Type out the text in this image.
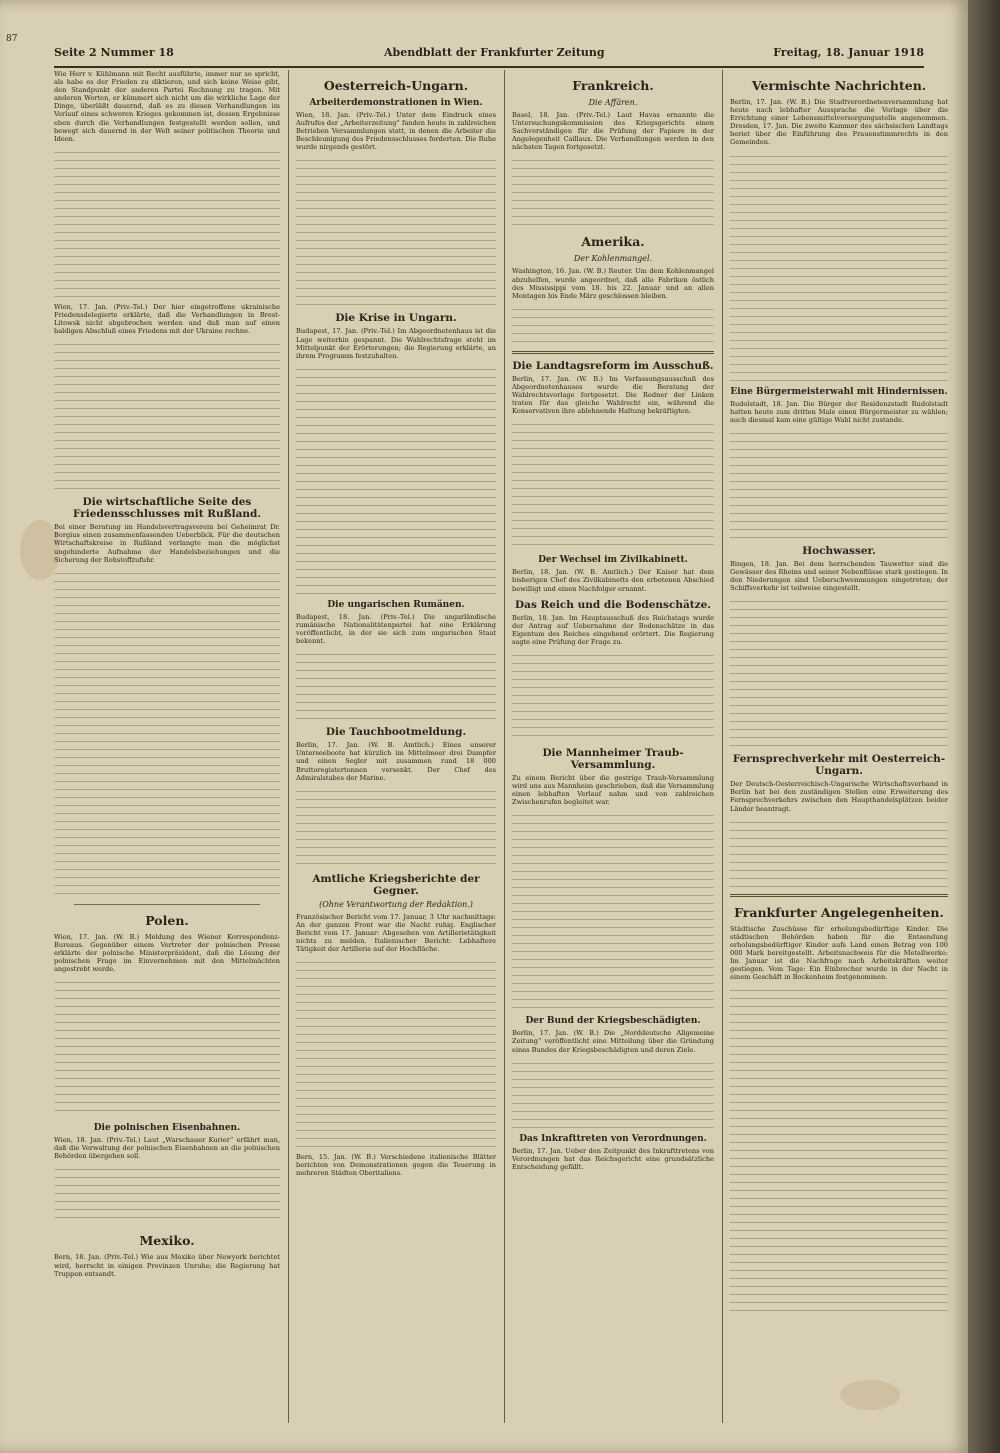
87
Seite 2 Nummer 18	Abendblatt der Frankfurter Zeitung	Freitag, 18. Januar 1918

Wie Herr v. Kühlmann mit Recht ausführte, immer nur so spricht, als habe es der Frieden zu diktieren, und sich keine Weise gibt, den Standpunkt der anderen Partei Rechnung zu tragen. Mit anderen Worten, er kümmert sich nicht um die wirkliche Lage der Dinge, überläßt dauernd, daß es zu diesen Verhandlungen im Verlauf eines schweren Krieges gekommen ist, dessen Ergebnisse eben durch die Verhandlungen festgestellt werden sollen, und bewegt sich dauernd in der Welt seiner politischen Theorie und Ideen.

Wien, 17. Jan. (Priv.-Tel.) Der hier eingetroffene ukrainische Friedensdelegierte erklärte, daß die Verhandlungen in Brest-Litowsk nicht abgebrochen werden und daß man auf einen baldigen Abschluß eines Friedens mit der Ukraine rechne.

Die wirtschaftliche Seite des Friedensschlusses mit Rußland.

Bei einer Beratung im Handelsvertragsverein bei Geheimrat Dr. Borgius einen zusammenfassenden Ueberblick. Für die deutschen Wirtschaftskreise in Rußland verlangte man die möglichst ungehinderte Aufnahme der Handelsbeziehungen und die Sicherung der Rohstoffzufuhr.

Polen.

Wien, 17. Jan. (W. B.) Meldung des Wiener Korrespondenz-Bureaus. Gegenüber einem Vertreter der polnischen Presse erklärte der polnische Ministerpräsident, daß die Lösung der polnischen Frage im Einvernehmen mit den Mittelmächten angestrebt werde.

Die polnischen Eisenbahnen.

Wien, 18. Jan. (Priv.-Tel.) Laut „Warschauer Kurier“ erfährt man, daß die Verwaltung der polnischen Eisenbahnen an die polnischen Behörden übergehen soll.

Mexiko.

Bern, 18. Jan. (Priv.-Tel.) Wie aus Mexiko über Newyork berichtet wird, herrscht in einigen Provinzen Unruhe; die Regierung hat Truppen entsandt.

Oesterreich-Ungarn.
Arbeiterdemonstrationen in Wien.

Wien, 18. Jan. (Priv.-Tel.) Unter dem Eindruck eines Aufrufes der „Arbeiterzeitung“ fanden heute in zahlreichen Betrieben Versammlungen statt, in denen die Arbeiter die Beschleunigung des Friedensschlusses forderten. Die Ruhe wurde nirgends gestört.

Die Krise in Ungarn.

Budapest, 17. Jan. (Priv.-Tel.) Im Abgeordnetenhaus ist die Lage weiterhin gespannt. Die Wahlrechtsfrage steht im Mittelpunkt der Erörterungen; die Regierung erklärte, an ihrem Programm festzuhalten.

Die ungarischen Rumänen.

Budapest, 18. Jan. (Priv.-Tel.) Die ungarländische rumänische Nationalitätenpartei hat eine Erklärung veröffentlicht, in der sie sich zum ungarischen Staat bekennt.

Die Tauchbootmeldung.

Berlin, 17. Jan. (W. B. Amtlich.) Eines unserer Unterseeboote hat kürzlich im Mittelmeer drei Dampfer und einen Segler mit zusammen rund 18 000 Bruttoregistertonnen versenkt. Der Chef des Admiralstabes der Marine.

Amtliche Kriegsberichte der Gegner.
(Ohne Verantwortung der Redaktion.)

Französischer Bericht vom 17. Januar, 3 Uhr nachmittags: An der ganzen Front war die Nacht ruhig. Englischer Bericht vom 17. Januar: Abgesehen von Artillerietätigkeit nichts zu melden. Italienischer Bericht: Lebhaftere Tätigkeit der Artillerie auf der Hochfläche.

Bern, 15. Jan. (W. B.) Verschiedene italienische Blätter berichten von Demonstrationen gegen die Teuerung in mehreren Städten Oberitaliens.

Frankreich.
Die Affären.

Basel, 18. Jan. (Priv.-Tel.) Laut Havas ernannte die Untersuchungskommission des Kriegsgerichts einen Sachverständigen für die Prüfung der Papiere in der Angelegenheit Caillaux. Die Verhandlungen werden in den nächsten Tagen fortgesetzt.

Amerika.
Der Kohlenmangel.

Washington, 16. Jan. (W. B.) Reuter. Um dem Kohlenmangel abzuhelfen, wurde angeordnet, daß alle Fabriken östlich des Mississippi vom 18. bis 22. Januar und an allen Montagen bis Ende März geschlossen bleiben.

Die Landtagsreform im Ausschuß.

Berlin, 17. Jan. (W. B.) Im Verfassungsausschuß des Abgeordnetenhauses wurde die Beratung der Wahlrechtsvorlage fortgesetzt. Die Redner der Linken traten für das gleiche Wahlrecht ein, während die Konservativen ihre ablehnende Haltung bekräftigten.

Der Wechsel im Zivilkabinett.

Berlin, 18. Jan. (W. B. Amtlich.) Der Kaiser hat dem bisherigen Chef des Zivilkabinetts den erbetenen Abschied bewilligt und einen Nachfolger ernannt.

Das Reich und die Bodenschätze.

Berlin, 18. Jan. Im Hauptausschuß des Reichstags wurde der Antrag auf Uebernahme der Bodenschätze in das Eigentum des Reiches eingehend erörtert. Die Regierung sagte eine Prüfung der Frage zu.

Die Mannheimer Traub-Versammlung.

Zu einem Bericht über die gestrige Traub-Versammlung wird uns aus Mannheim geschrieben, daß die Versammlung einen lebhaften Verlauf nahm und von zahlreichen Zwischenrufen begleitet war.

Der Bund der Kriegsbeschädigten.

Berlin, 17. Jan. (W. B.) Die „Norddeutsche Allgemeine Zeitung“ veröffentlicht eine Mitteilung über die Gründung eines Bundes der Kriegsbeschädigten und deren Ziele.

Das Inkrafttreten von Verordnungen.

Berlin, 17. Jan. Ueber den Zeitpunkt des Inkrafttretens von Verordnungen hat das Reichsgericht eine grundsätzliche Entscheidung gefällt.

Vermischte Nachrichten.

Berlin, 17. Jan. (W. B.) Die Stadtverordnetenversammlung hat heute nach lebhafter Aussprache die Vorlage über die Errichtung einer Lebensmittelversorgungsstelle angenommen. Dresden, 17. Jan. Die zweite Kammer des sächsischen Landtags beriet über die Einführung des Frauenstimmrechts in den Gemeinden.

Eine Bürgermeisterwahl mit Hindernissen.

Rudolstadt, 18. Jan. Die Bürger der Residenzstadt Rudolstadt hatten heute zum dritten Male einen Bürgermeister zu wählen; auch diesmal kam eine gültige Wahl nicht zustande.

Hochwasser.

Bingen, 18. Jan. Bei dem herrschenden Tauwetter sind die Gewässer des Rheins und seiner Nebenflüsse stark gestiegen. In den Niederungen sind Ueberschwemmungen eingetreten; der Schiffsverkehr ist teilweise eingestellt.

Fernsprechverkehr mit Oesterreich-Ungarn.

Der Deutsch-Oesterreichisch-Ungarische Wirtschaftsverband in Berlin hat bei den zuständigen Stellen eine Erweiterung des Fernsprechverkehrs zwischen den Haupthandelsplätzen beider Länder beantragt.

Frankfurter Angelegenheiten.

Städtische Zuschüsse für erholungsbedürftige Kinder. Die städtischen Behörden haben für die Entsendung erholungsbedürftiger Kinder aufs Land einen Betrag von 100 000 Mark bereitgestellt. Arbeitsnachweis für die Metallwerke: Im Januar ist die Nachfrage nach Arbeitskräften weiter gestiegen. Vom Tage: Ein Einbrecher wurde in der Nacht in einem Geschäft in Bockenheim festgenommen.
